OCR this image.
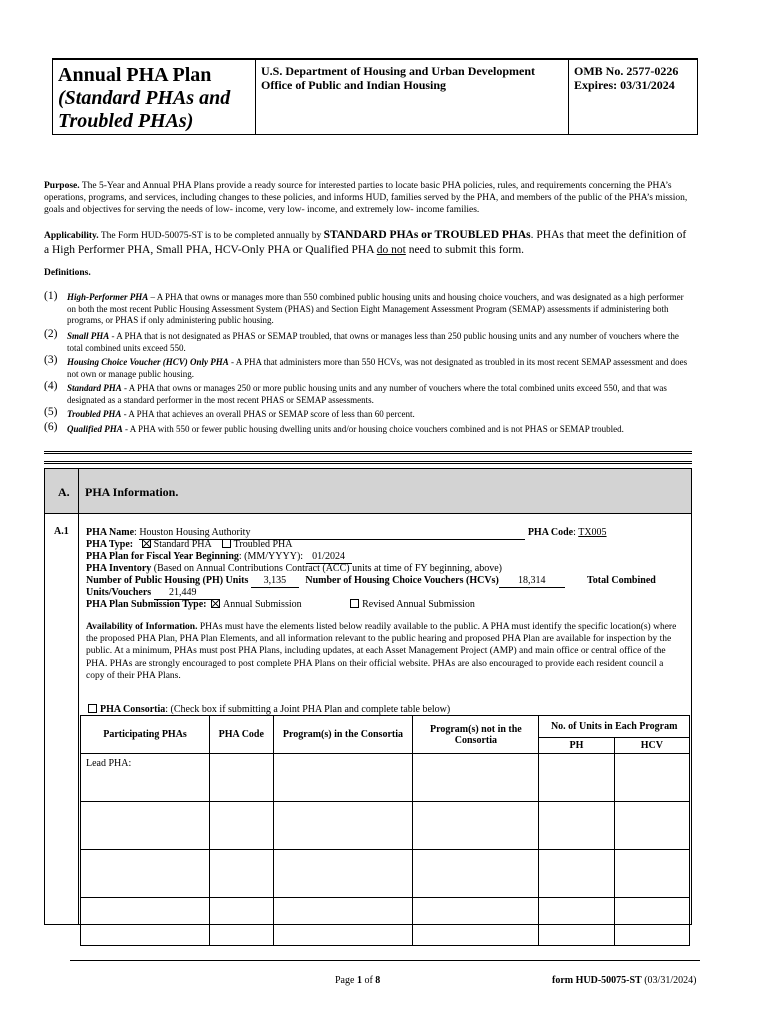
Annual PHA Plan
(Standard PHAs and Troubled PHAs)
U.S. Department of Housing and Urban Development
Office of Public and Indian Housing
OMB No. 2577-0226
Expires: 03/31/2024
Purpose. The 5-Year and Annual PHA Plans provide a ready source for interested parties to locate basic PHA policies, rules, and requirements concerning the PHA’s operations, programs, and services, including changes to these policies, and informs HUD, families served by the PHA, and members of the public of the PHA’s mission, goals and objectives for serving the needs of low- income, very low- income, and extremely low- income families.
Applicability. The Form HUD-50075-ST is to be completed annually by STANDARD PHAs or TROUBLED PHAs. PHAs that meet the definition of a High Performer PHA, Small PHA, HCV-Only PHA or Qualified PHA do not need to submit this form.
Definitions.
(1) High-Performer PHA – A PHA that owns or manages more than 550 combined public housing units and housing choice vouchers, and was designated as a high performer on both the most recent Public Housing Assessment System (PHAS) and Section Eight Management Assessment Program (SEMAP) assessments if administering both programs, or PHAS if only administering public housing.
(2) Small PHA - A PHA that is not designated as PHAS or SEMAP troubled, that owns or manages less than 250 public housing units and any number of vouchers where the total combined units exceed 550.
(3) Housing Choice Voucher (HCV) Only PHA - A PHA that administers more than 550 HCVs, was not designated as troubled in its most recent SEMAP assessment and does not own or manage public housing.
(4) Standard PHA - A PHA that owns or manages 250 or more public housing units and any number of vouchers where the total combined units exceed 550, and that was designated as a standard performer in the most recent PHAS or SEMAP assessments.
(5) Troubled PHA - A PHA that achieves an overall PHAS or SEMAP score of less than 60 percent.
(6) Qualified PHA - A PHA with 550 or fewer public housing dwelling units and/or housing choice vouchers combined and is not PHAS or SEMAP troubled.
A. PHA Information.
A.1 PHA Name: Houston Housing Authority	PHA Code: TX005
PHA Type: Standard PHA Troubled PHA
PHA Plan for Fiscal Year Beginning: (MM/YYYY): 01/2024
PHA Inventory (Based on Annual Contributions Contract (ACC) units at time of FY beginning, above)
Number of Public Housing (PH) Units 3,135 Number of Housing Choice Vouchers (HCVs) 18,314	Total Combined Units/Vouchers 21,449
PHA Plan Submission Type: Annual Submission	Revised Annual Submission
Availability of Information. PHAs must have the elements listed below readily available to the public. A PHA must identify the specific location(s) where the proposed PHA Plan, PHA Plan Elements, and all information relevant to the public hearing and proposed PHA Plan are available for inspection by the public. At a minimum, PHAs must post PHA Plans, including updates, at each Asset Management Project (AMP) and main office or central office of the PHA. PHAs are strongly encouraged to post complete PHA Plans on their official website. PHAs are also encouraged to provide each resident council a copy of their PHA Plans.
PHA Consortia: (Check box if submitting a Joint PHA Plan and complete table below)
Participating PHAs	PHA Code	Program(s) in the Consortia	Program(s) not in the Consortia	No. of Units in Each Program	
				PH	HCV
Lead PHA:					

Page 1 of 8	form HUD-50075-ST (03/31/2024)
